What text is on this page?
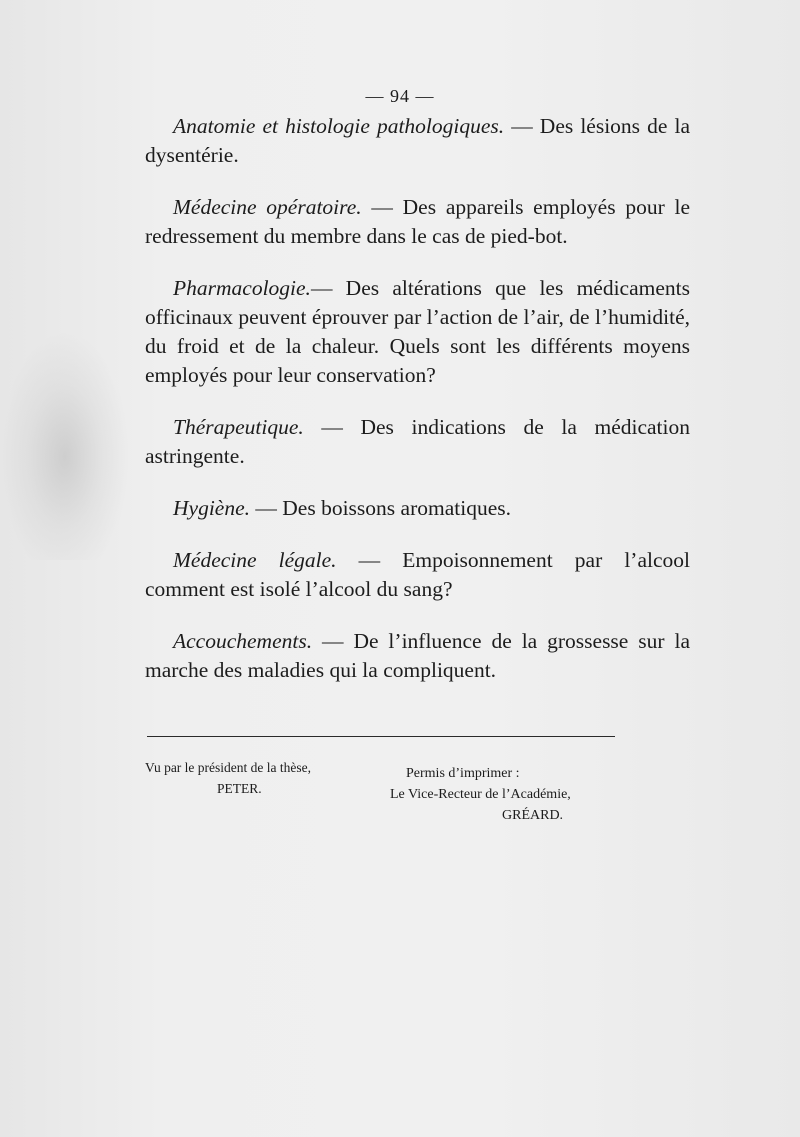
— 94 —

Anatomie et histologie pathologiques. — Des lésions de la dysentérie.

Médecine opératoire. — Des appareils employés pour le redressement du membre dans le cas de pied-bot.

Pharmacologie.— Des altérations que les médicaments officinaux peuvent éprouver par l’action de l’air, de l’humidité, du froid et de la chaleur. Quels sont les différents moyens employés pour leur conservation?

Thérapeutique. — Des indications de la médication astringente.

Hygiène. — Des boissons aromatiques.

Médecine légale. — Empoisonnement par l’alcool comment est isolé l’alcool du sang?

Accouchements. — De l’influence de la grossesse sur la marche des maladies qui la compliquent.

Vu par le président de la thèse,
PETER.
Permis d’imprimer :
Le Vice-Recteur de l’Académie,
GRÉARD.
